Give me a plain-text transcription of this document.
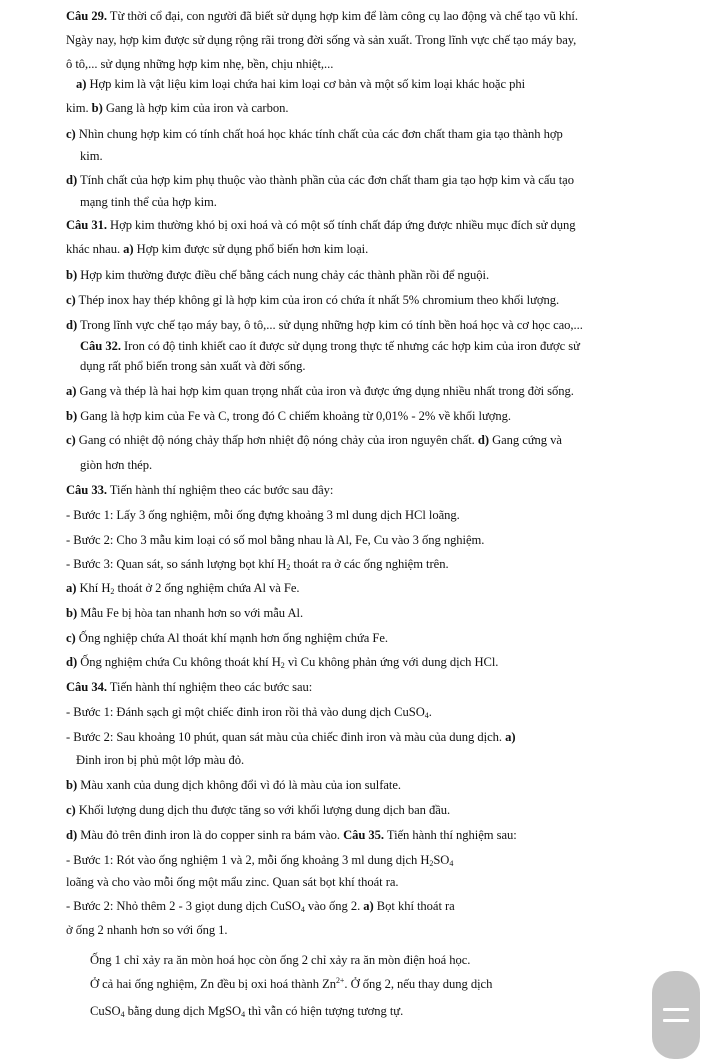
Câu 29. Từ thời cổ đại, con người đã biết sử dụng hợp kim để làm công cụ lao động và chế tạo vũ khí.
Ngày nay, hợp kim được sử dụng rộng rãi trong đời sống và sản xuất. Trong lĩnh vực chế tạo máy bay,
ô tô,... sử dụng những hợp kim nhẹ, bền, chịu nhiệt,...
a) Hợp kim là vật liệu kim loại chứa hai kim loại cơ bản và một số kim loại khác hoặc phi
kim. b) Gang là hợp kim của iron và carbon.
c) Nhìn chung hợp kim có tính chất hoá học khác tính chất của các đơn chất tham gia tạo thành hợp
kim.
d) Tính chất của hợp kim phụ thuộc vào thành phần của các đơn chất tham gia tạo hợp kim và cấu tạo
mạng tinh thể của hợp kim.
Câu 31. Hợp kim thường khó bị oxi hoá và có một số tính chất đáp ứng được nhiều mục đích sử dụng
khác nhau. a) Hợp kim được sử dụng phổ biến hơn kim loại.
b) Hợp kim thường được điều chế bằng cách nung chảy các thành phần rồi để nguội.
c) Thép inox hay thép không gỉ là hợp kim của iron có chứa ít nhất 5% chromium theo khối lượng.
d) Trong lĩnh vực chế tạo máy bay, ô tô,... sử dụng những hợp kim có tính bền hoá học và cơ học cao,...
Câu 32. Iron có độ tinh khiết cao ít được sử dụng trong thực tế nhưng các hợp kim của iron được sử
dụng rất phổ biến trong sản xuất và đời sống.
a) Gang và thép là hai hợp kim quan trọng nhất của iron và được ứng dụng nhiều nhất trong đời sống.
b) Gang là hợp kim của Fe và C, trong đó C chiếm khoảng từ 0,01% - 2% về khối lượng.
c) Gang có nhiệt độ nóng chảy thấp hơn nhiệt độ nóng chảy của iron nguyên chất. d) Gang cứng và
giòn hơn thép.
Câu 33. Tiến hành thí nghiệm theo các bước sau đây:
- Bước 1: Lấy 3 ống nghiệm, mỗi ống đựng khoảng 3 ml dung dịch HCl loãng.
- Bước 2: Cho 3 mẫu kim loại có số mol bằng nhau là Al, Fe, Cu vào 3 ống nghiệm.
- Bước 3: Quan sát, so sánh lượng bọt khí $H_2$ thoát ra ở các ống nghiệm trên.
a) Khí $H_2$ thoát ở 2 ống nghiệm chứa Al và Fe.
b) Mẫu Fe bị hòa tan nhanh hơn so với mẫu Al.
c) Ống nghiệp chứa Al thoát khí mạnh hơn ống nghiệm chứa Fe.
d) Ống nghiệm chứa Cu không thoát khí $H_2$ vì Cu không phản ứng với dung dịch HCl.
Câu 34. Tiến hành thí nghiệm theo các bước sau:
- Bước 1: Đánh sạch gỉ một chiếc đinh iron rồi thả vào dung dịch CuSO$_4$.
- Bước 2: Sau khoảng 10 phút, quan sát màu của chiếc đinh iron và màu của dung dịch. a)
Đinh iron bị phủ một lớp màu đỏ.
b) Màu xanh của dung dịch không đổi vì đó là màu của ion sulfate.
c) Khối lượng dung dịch thu được tăng so với khối lượng dung dịch ban đầu.
d) Màu đỏ trên đinh iron là do copper sinh ra bám vào. Câu 35. Tiến hành thí nghiệm sau:
- Bước 1: Rót vào ống nghiệm 1 và 2, mỗi ống khoảng 3 ml dung dịch $H_2SO_4$
loãng và cho vào mỗi ống một mẩu zinc. Quan sát bọt khí thoát ra.
- Bước 2: Nhỏ thêm 2 - 3 giọt dung dịch CuSO$_4$ vào ống 2. a) Bọt khí thoát ra
ở ống 2 nhanh hơn so với ống 1.
Ống 1 chỉ xảy ra ăn mòn hoá học còn ống 2 chỉ xảy ra ăn mòn điện hoá học.
Ở cả hai ống nghiệm, Zn đều bị oxi hoá thành $Zn^{2+}$. Ở ống 2, nếu thay dung dịch
CuSO$_4$ bằng dung dịch MgSO$_4$ thì vẫn có hiện tượng tương tự.
